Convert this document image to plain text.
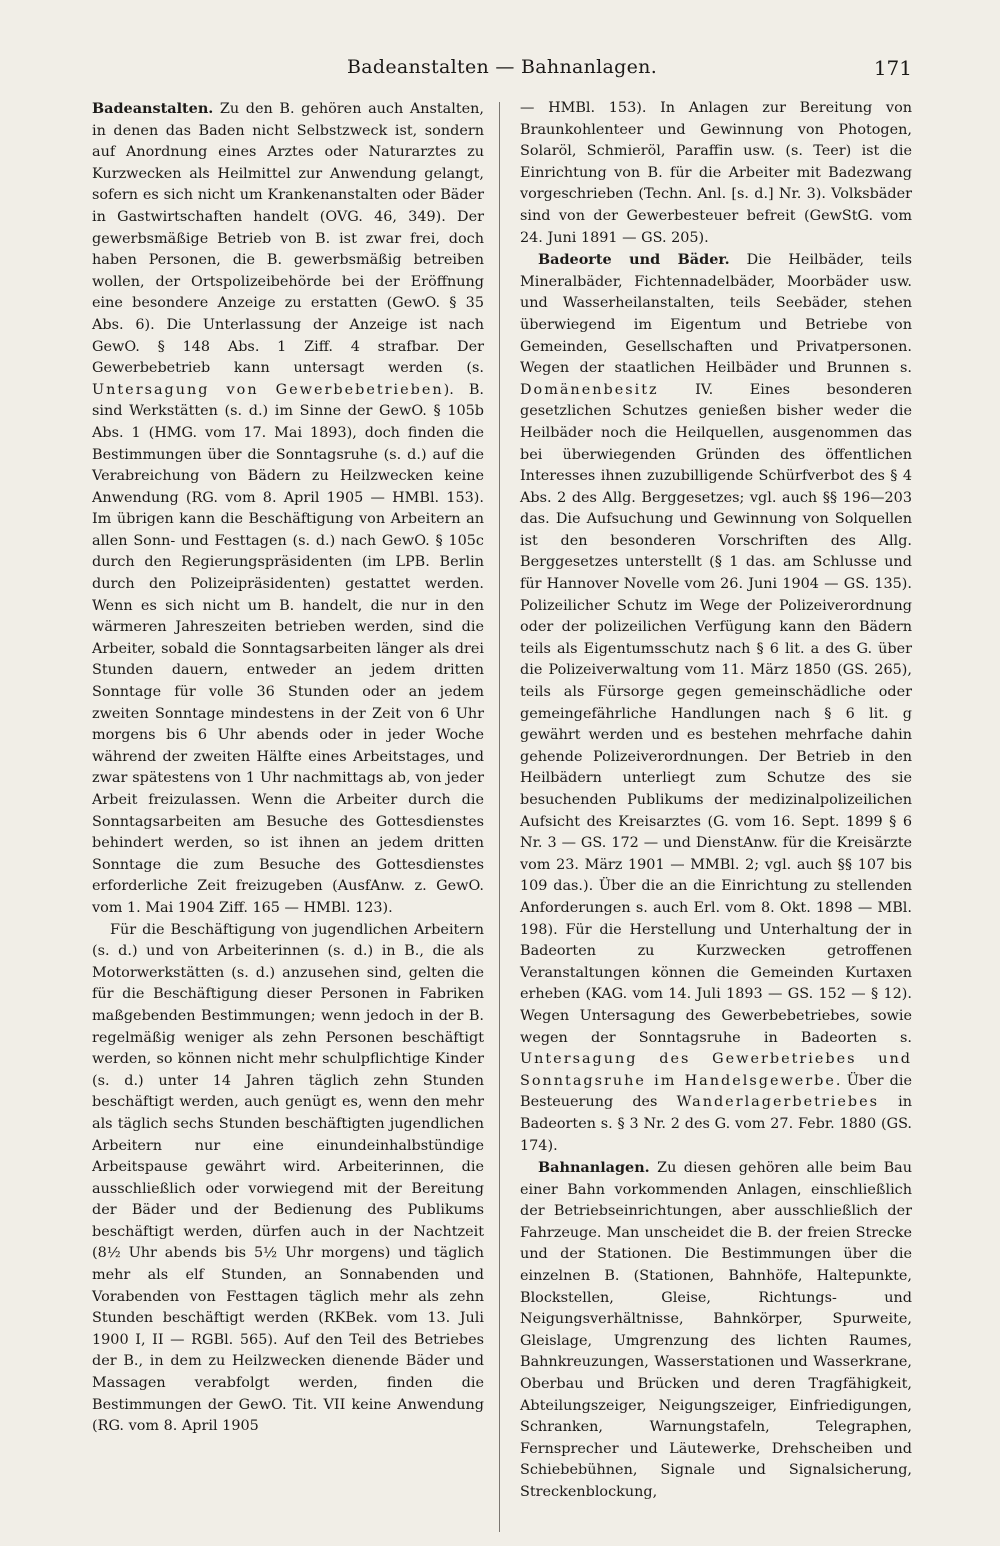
Badeanstalten — Bahnanlagen.	171

Badeanstalten. Zu den B. gehören auch Anstalten, in denen das Baden nicht Selbstzweck ist, sondern auf Anordnung eines Arztes oder Naturarztes zu Kurzwecken als Heilmittel zur Anwendung gelangt, sofern es sich nicht um Krankenanstalten oder Bäder in Gastwirtschaften handelt (OVG. 46, 349). Der gewerbsmäßige Betrieb von B. ist zwar frei, doch haben Personen, die B. gewerbsmäßig betreiben wollen, der Ortspolizeibehörde bei der Eröffnung eine besondere Anzeige zu erstatten (GewO. § 35 Abs. 6). Die Unterlassung der Anzeige ist nach GewO. § 148 Abs. 1 Ziff. 4 strafbar. Der Gewerbebetrieb kann untersagt werden (s. Untersagung von Gewerbebetrieben). B. sind Werkstätten (s. d.) im Sinne der GewO. § 105b Abs. 1 (HMG. vom 17. Mai 1893), doch finden die Bestimmungen über die Sonntagsruhe (s. d.) auf die Verabreichung von Bädern zu Heilzwecken keine Anwendung (RG. vom 8. April 1905 — HMBl. 153). Im übrigen kann die Beschäftigung von Arbeitern an allen Sonn- und Festtagen (s. d.) nach GewO. § 105c durch den Regierungspräsidenten (im LPB. Berlin durch den Polizeipräsidenten) gestattet werden. Wenn es sich nicht um B. handelt, die nur in den wärmeren Jahreszeiten betrieben werden, sind die Arbeiter, sobald die Sonntagsarbeiten länger als drei Stunden dauern, entweder an jedem dritten Sonntage für volle 36 Stunden oder an jedem zweiten Sonntage mindestens in der Zeit von 6 Uhr morgens bis 6 Uhr abends oder in jeder Woche während der zweiten Hälfte eines Arbeitstages, und zwar spätestens von 1 Uhr nachmittags ab, von jeder Arbeit freizulassen. Wenn die Arbeiter durch die Sonntagsarbeiten am Besuche des Gottesdienstes behindert werden, so ist ihnen an jedem dritten Sonntage die zum Besuche des Gottesdienstes erforderliche Zeit freizugeben (AusfAnw. z. GewO. vom 1. Mai 1904 Ziff. 165 — HMBl. 123).

Für die Beschäftigung von jugendlichen Arbeitern (s. d.) und von Arbeiterinnen (s. d.) in B., die als Motorwerkstätten (s. d.) anzusehen sind, gelten die für die Beschäftigung dieser Personen in Fabriken maßgebenden Bestimmungen; wenn jedoch in der B. regelmäßig weniger als zehn Personen beschäftigt werden, so können nicht mehr schulpflichtige Kinder (s. d.) unter 14 Jahren täglich zehn Stunden beschäftigt werden, auch genügt es, wenn den mehr als täglich sechs Stunden beschäftigten jugendlichen Arbeitern nur eine einundeinhalbstündige Arbeitspause gewährt wird. Arbeiterinnen, die ausschließlich oder vorwiegend mit der Bereitung der Bäder und der Bedienung des Publikums beschäftigt werden, dürfen auch in der Nachtzeit (8½ Uhr abends bis 5½ Uhr morgens) und täglich mehr als elf Stunden, an Sonnabenden und Vorabenden von Festtagen täglich mehr als zehn Stunden beschäftigt werden (RKBek. vom 13. Juli 1900 I, II — RGBl. 565). Auf den Teil des Betriebes der B., in dem zu Heilzwecken dienende Bäder und Massagen verabfolgt werden, finden die Bestimmungen der GewO. Tit. VII keine Anwendung (RG. vom 8. April 1905

— HMBl. 153). In Anlagen zur Bereitung von Braunkohlenteer und Gewinnung von Photogen, Solaröl, Schmieröl, Paraffin usw. (s. Teer) ist die Einrichtung von B. für die Arbeiter mit Badezwang vorgeschrieben (Techn. Anl. [s. d.] Nr. 3). Volksbäder sind von der Gewerbesteuer befreit (GewStG. vom 24. Juni 1891 — GS. 205).

Badeorte und Bäder. Die Heilbäder, teils Mineralbäder, Fichtennadelbäder, Moorbäder usw. und Wasserheilanstalten, teils Seebäder, stehen überwiegend im Eigentum und Betriebe von Gemeinden, Gesellschaften und Privatpersonen. Wegen der staatlichen Heilbäder und Brunnen s. Domänenbesitz IV. Eines besonderen gesetzlichen Schutzes genießen bisher weder die Heilbäder noch die Heilquellen, ausgenommen das bei überwiegenden Gründen des öffentlichen Interesses ihnen zuzubilligende Schürfverbot des § 4 Abs. 2 des Allg. Berggesetzes; vgl. auch §§ 196—203 das. Die Aufsuchung und Gewinnung von Solquellen ist den besonderen Vorschriften des Allg. Berggesetzes unterstellt (§ 1 das. am Schlusse und für Hannover Novelle vom 26. Juni 1904 — GS. 135). Polizeilicher Schutz im Wege der Polizeiverordnung oder der polizeilichen Verfügung kann den Bädern teils als Eigentumsschutz nach § 6 lit. a des G. über die Polizeiverwaltung vom 11. März 1850 (GS. 265), teils als Fürsorge gegen gemeinschädliche oder gemeingefährliche Handlungen nach § 6 lit. g gewährt werden und es bestehen mehrfache dahin gehende Polizeiverordnungen. Der Betrieb in den Heilbädern unterliegt zum Schutze des sie besuchenden Publikums der medizinalpolizeilichen Aufsicht des Kreisarztes (G. vom 16. Sept. 1899 § 6 Nr. 3 — GS. 172 — und DienstAnw. für die Kreisärzte vom 23. März 1901 — MMBl. 2; vgl. auch §§ 107 bis 109 das.). Über die an die Einrichtung zu stellenden Anforderungen s. auch Erl. vom 8. Okt. 1898 — MBl. 198). Für die Herstellung und Unterhaltung der in Badeorten zu Kurzwecken getroffenen Veranstaltungen können die Gemeinden Kurtaxen erheben (KAG. vom 14. Juli 1893 — GS. 152 — § 12). Wegen Untersagung des Gewerbebetriebes, sowie wegen der Sonntagsruhe in Badeorten s. Untersagung des Gewerbetriebes und Sonntagsruhe im Handelsgewerbe. Über die Besteuerung des Wanderlagerbetriebes in Badeorten s. § 3 Nr. 2 des G. vom 27. Febr. 1880 (GS. 174).

Bahnanlagen. Zu diesen gehören alle beim Bau einer Bahn vorkommenden Anlagen, einschließlich der Betriebseinrichtungen, aber ausschließlich der Fahrzeuge. Man unscheidet die B. der freien Strecke und der Stationen. Die Bestimmungen über die einzelnen B. (Stationen, Bahnhöfe, Haltepunkte, Blockstellen, Gleise, Richtungs- und Neigungsverhältnisse, Bahnkörper, Spurweite, Gleislage, Umgrenzung des lichten Raumes, Bahnkreuzungen, Wasserstationen und Wasserkrane, Oberbau und Brücken und deren Tragfähigkeit, Abteilungszeiger, Neigungszeiger, Einfriedigungen, Schranken, Warnungstafeln, Telegraphen, Fernsprecher und Läutewerke, Drehscheiben und Schiebebühnen, Signale und Signalsicherung, Streckenblockung,
